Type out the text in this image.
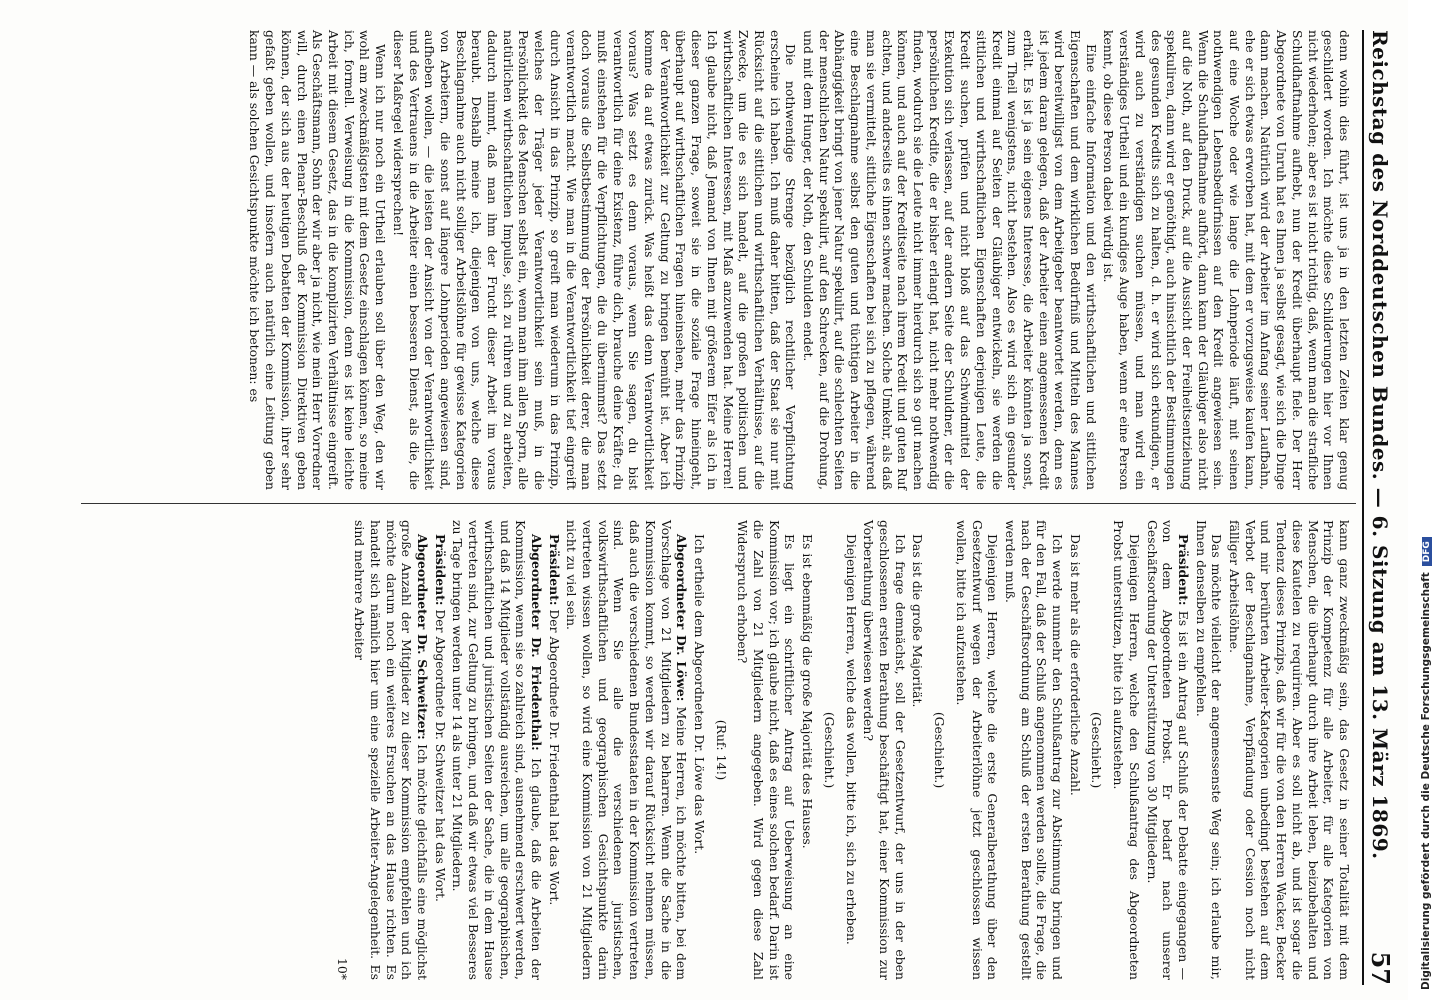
Reichstag des Norddeutschen Bundes. — 6. Sitzung am 13. März 1869.
57

denn wohin dies führt, ist uns ja in den letzten Zeiten klar genug geschildert worden. Ich möchte diese Schilderungen hier vor Ihnen nicht wiederholen; aber es ist nicht richtig, daß, wenn man die strafliche Schuldhaftnahme aufhebt, nun der Kredit überhaupt fiele. Der Herr Abgeordnete von Unruh hat es Ihnen ja selbst gesagt, wie sich die Dinge dann machen. Natürlich wird der Arbeiter im Anfang seiner Laufbahn, ehe er sich etwas erworben hat, mit dem er vorzugsweise kaufen kann, auf eine Woche oder wie lange die Lohnperiode läuft, mit seinen nothwendigen Lebensbedürfnissen auf den Kredit angewiesen sein. Wenn die Schuldhaftnahme aufhört, dann kann der Gläubiger also nicht auf die Noth, auf den Druck, auf die Aussicht der Freiheitsentziehung spekuliren, dann wird er genöthigt, auch hinsichtlich der Bestimmungen des gesunden Kredits sich zu halten, d. h. er wird sich erkundigen, er wird auch zu verständigen suchen müssen, und man wird ein verständiges Urtheil und ein kundiges Auge haben, wenn er eine Person kennt, ob diese Person dabei würdig ist.

Eine einfache Information und den wirthschaftlichen und sittlichen Eigenschaften und dem wirklichen Bedürfniß und Mitteln des Mannes wird bereitwilligst von dem Arbeitgeber beantwortet werden, denn es ist jedem daran gelegen, daß der Arbeiter einen angemessenen Kredit erhält. Es ist ja sein eigenes Interesse, die Arbeiter könnten ja sonst, zum Theil wenigstens, nicht bestehen. Also es wird sich ein gesunder Kredit einmal auf Seiten der Gläubiger entwickeln, sie werden die sittlichen und wirthschaftlichen Eigenschaften derjenigen Leute, die Kredit suchen, prüfen und nicht bloß auf das Schwindmittel der Exekution sich verlassen, auf der andern Seite der Schuldner, der die persönlichen Kredite, die er bisher erlangt hat, nicht mehr nothwendig finden, wodurch sie die Leute nicht immer hierdurch sich so gut machen können, und auch auf der Kreditseite nach ihrem Kredit und guten Ruf achten, und anderseits es ihnen schwer machen. Solche Umkehr, als daß man sie vermittelt, sittliche Eigenschaften bei sich zu pflegen, während eine Beschlagnahme selbst den guten und tüchtigen Arbeiter in die Abhängigkeit bringt von jener Natur spekulirt, auf die schlechten Seiten der menschlichen Natur spekulirt, auf den Schrecken, auf die Drohung, und mit dem Hunger, der Noth, den Schulden endet.

Die nothwendige Strenge bezüglich rechtlicher Verpflichtung erscheine ich haben. Ich muß daher bitten, daß der Staat sie nur mit Rücksicht auf die sittlichen und wirthschaftlichen Verhältnisse, auf die Zwecke, um die es sich handelt, auf die großen politischen und wirthschaftlichen Interessen, mit Maß anzuwenden hat. Meine Herren! Ich glaube nicht, daß Jemand von Ihnen mit größerem Eifer als ich in dieser ganzen Frage, soweit sie in die soziale Frage hineingeht, überhaupt auf wirthschaftlichen Fragen hineinsehen, mehr das Prinzip der Verantwortlichkeit zur Geltung zu bringen bemüht ist. Aber ich komme da auf etwas zurück. Was heißt das denn Verantwortlichkeit voraus? Was setzt es denn voraus, wenn Sie sagen, du bist verantwortlich für deine Existenz, führe dich, brauche deine Kräfte; du mußt einstehen für die Verpflichtungen, die du übernimmst? Das setzt doch voraus die Selbstbestimmung der Persönlichkeit derer, die man verantwortlich macht. Wie man in die Verantwortlichkeit tief eingreift durch Ansicht in das Prinzip, so greift man wiederum in das Prinzip, welches der Träger jeder Verantwortlichkeit sein muß, in die Persönlichkeit des Menschen selbst ein, wenn man ihm allen Sporn, alle natürlichen wirthschaftlichen Impulse, sich zu rühren und zu arbeiten, dadurch nimmt, daß man ihm der Frucht dieser Arbeit im voraus beraubt. Deshalb meine ich, diejenigen von uns, welche diese Beschlagnahme auch nicht solliger Arbeitslöhne für gewisse Kategorien von Arbeitern, die sonst auf längere Lohnperioden angewiesen sind, aufheben wollen, — die leisten der Ansicht von der Verantwortlichkeit und des Vertrauens in die Arbeiter einen besseren Dienst, als die, die dieser Maßregel widersprechen!

Wenn ich nur noch ein Urtheil erlauben soll über den Weg, den wir wohl am zweckmäßigsten mit dem Gesetz einschlagen können, so meine ich, formell. Verweisung in die Kommission, denn es ist keine leichte Arbeit mit diesem Gesetz, das in die komplizirten Verhältnisse eingreift. Als Geschäftsmann, Sohn der wir aber ja nicht, wie mein Herr Vorredner will, durch einen Plenar-Beschluß der Kommission Direktiven geben können, der sich aus der heutigen Debatten der Kommission, ihrer sehr gefaßt geben wollen, und insofern auch natürlich eine Leitung geben kann — als solchen Gesichtspunkte möchte ich betonen: es

kann ganz zweckmäßig sein, das Gesetz in seiner Totalität mit dem Prinzip der Kompetenz für alle Arbeiter, für alle Kategorien von Menschen, die überhaupt durch ihre Arbeit leben, beizubehalten und diese Kautelen zu requiriren. Aber es soll nicht ab, und ist sogar die Tendenz dieses Prinzips, daß wir für die von den Herren Wacker, Becker und mir berührten Arbeiter-Kategorien unbedingt bestehen auf dem Verbot der Beschlagnahme, Verpfändung oder Cession noch nicht fälliger Arbeitslöhne.

Das möchte vielleicht der angemessenste Weg sein; ich erlaube mir, Ihnen denselben zu empfehlen.

Präsident: Es ist ein Antrag auf Schluß der Debatte eingegangen — von dem Abgeordneten Probst. Er bedarf nach unserer Geschäftsordnung der Unterstützung von 30 Mitgliedern.

Diejenigen Herren, welche den Schlußantrag des Abgeordneten Probst unterstützen, bitte ich aufzustehen.

(Geschieht.)

Das ist mehr als die erforderliche Anzahl.

Ich werde nunmehr den Schlußantrag zur Abstimmung bringen und für den Fall, daß der Schluß angenommen werden sollte, die Frage, die nach der Geschäftsordnung am Schluß der ersten Berathung gestellt werden muß.

Diejenigen Herren, welche die erste Generalberathung über den Gesetzentwurf wegen der Arbeiterlöhne jetzt geschlossen wissen wollen, bitte ich aufzustehen.

(Geschieht.)

Das ist die große Majorität.

Ich frage demnächst, soll der Gesetzentwurf, der uns in der eben geschlossenen ersten Berathung beschäftigt hat, einer Kommission zur Vorberathung überwiesen werden?

Diejenigen Herren, welche das wollen, bitte ich, sich zu erheben.

(Geschieht.)

Es ist ebenmäßig die große Majorität des Hauses.

Es liegt ein schriftlicher Antrag auf Ueberweisung an eine Kommission vor; ich glaube nicht, daß es eines solchen bedarf. Darin ist die Zahl von 21 Mitgliedern angegeben. Wird gegen diese Zahl Widerspruch erhoben?

(Ruf: 14!)

Ich ertheile dem Abgeordneten Dr. Löwe das Wort.

Abgeordneter Dr. Löwe: Meine Herren, ich möchte bitten, bei dem Vorschlage von 21 Mitgliedern zu beharren. Wenn die Sache in die Kommission kommt, so werden wir darauf Rücksicht nehmen müssen, daß auch die verschiedenen Bundesstaaten in der Kommission vertreten sind. Wenn Sie alle die verschiedenen juristischen, volkswirthschaftlichen und geographischen Gesichtspunkte darin vertreten wissen wollen, so wird eine Kommission von 21 Mitgliedern nicht zu viel sein.

Präsident: Der Abgeordnete Dr. Friedenthal hat das Wort.

Abgeordneter Dr. Friedenthal: Ich glaube, daß die Arbeiten der Kommission, wenn sie so zahlreich sind, ausnehmend erschwert werden, und daß 14 Mitglieder vollständig ausreichen, um alle geographischen, wirthschaftlichen und juristischen Seiten der Sache, die in dem Hause vertreten sind, zur Geltung zu bringen, und daß wir etwas viel Besseres zu Tage bringen werden unter 14 als unter 21 Mitgliedern.

Präsident: Der Abgeordnete Dr. Schweitzer hat das Wort.

Abgeordneter Dr. Schweitzer: Ich möchte gleichfalls eine möglichst große Anzahl der Mitglieder zu dieser Kommission empfehlen und ich möchte darum noch ein weiteres Ersuchen an das Hause richten. Es handelt sich nämlich hier um eine spezielle Arbeiter-Angelegenheit. Es sind mehrere Arbeiter

10*	Digitalisierung gefördert durch die Deutsche ForschungsgemeinschaftDFG
